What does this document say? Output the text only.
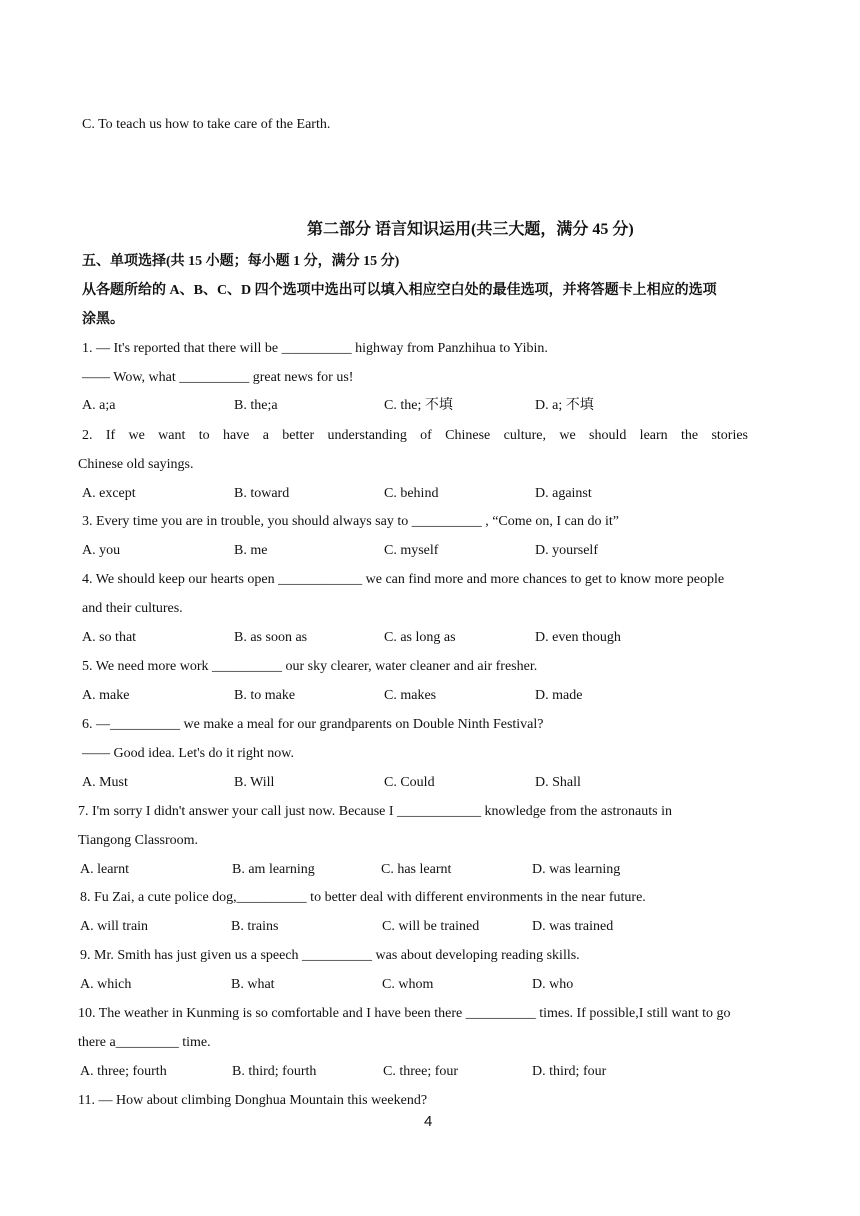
C. To teach us how to take care of the Earth.
第二部分 语言知识运用(共三大题，满分 45 分)
五、单项选择(共 15 小题；每小题 1 分，满分 15 分)
从各题所给的 A、B、C、D 四个选项中选出可以填入相应空白处的最佳选项，并将答题卡上相应的选项
涂黑。
1. — It's reported that there will be __________ highway from Panzhihua to Yibin.
—— Wow, what __________ great news for us!
A. a;a	B. the;a	C. the; 不填	D. a; 不填
2. If we want to have a better understanding of Chinese culture, we should learn the stories
Chinese old sayings.
A. except	B. toward	C. behind	D. against
3. Every time you are in trouble, you should always say to __________ , “Come on, I can do it”
A. you	B. me	C. myself	D. yourself
4. We should keep our hearts open ____________ we can find more and more chances to get to know more people
and their cultures.
A. so that	B. as soon as	C. as long as	D. even though
5. We need more work __________ our sky clearer, water cleaner and air fresher.
A. make	B. to make	C. makes	D. made
6. —__________ we make a meal for our grandparents on Double Ninth Festival?
—— Good idea. Let's do it right now.
A. Must	B. Will	C. Could	D. Shall
7. I'm sorry I didn't answer your call just now. Because I ____________ knowledge from the astronauts in
Tiangong Classroom.
A. learnt	B. am learning	C. has learnt	D. was learning
8. Fu Zai, a cute police dog,__________ to better deal with different environments in the near future.
A. will train	B. trains	C. will be trained	D. was trained
9. Mr. Smith has just given us a speech __________ was about developing reading skills.
A. which	B. what	C. whom	D. who
10. The weather in Kunming is so comfortable and I have been there __________ times. If possible,I still want to go
there a_________ time.
A. three; fourth	B. third; fourth	C. three; four	D. third; four
11. — How about climbing Donghua Mountain this weekend?
4
